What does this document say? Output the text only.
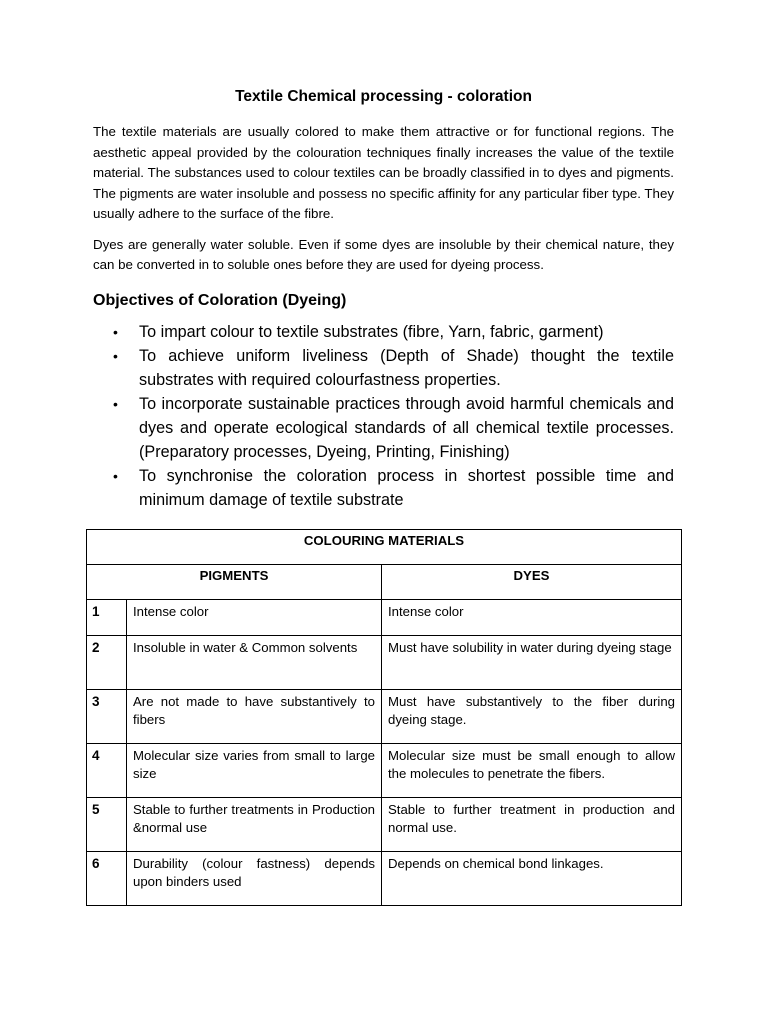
Textile Chemical processing - coloration

The textile materials are usually colored to make them attractive or for functional regions. The aesthetic appeal provided by the colouration techniques finally increases the value of the textile material. The substances used to colour textiles can be broadly classified in to dyes and pigments. The pigments are water insoluble and possess no specific affinity for any particular fiber type. They usually adhere to the surface of the fibre.

Dyes are generally water soluble. Even if some dyes are insoluble by their chemical nature, they can be converted in to soluble ones before they are used for dyeing process.

Objectives of Coloration (Dyeing)
• To impart colour to textile substrates (fibre, Yarn, fabric, garment)
• To achieve uniform liveliness (Depth of Shade) thought the textile substrates with required colourfastness properties.
• To incorporate sustainable practices through avoid harmful chemicals and dyes and operate ecological standards of all chemical textile processes. (Preparatory processes, Dyeing, Printing, Finishing)
• To synchronise the coloration process in shortest possible time and minimum damage of textile substrate
COLOURING MATERIALS		
PIGMENTS		DYES
1	Intense color	Intense color
2	Insoluble in water & Common solvents	Must have solubility in water during dyeing stage
3	Are not made to have substantively to fibers	Must have substantively to the fiber during dyeing stage.
4	Molecular size varies from small to large size	Molecular size must be small enough to allow the molecules to penetrate the fibers.
5	Stable to further treatments in Production &normal use	Stable to further treatment in production and normal use.
6	Durability (colour fastness) depends upon binders used	Depends on chemical bond linkages.
